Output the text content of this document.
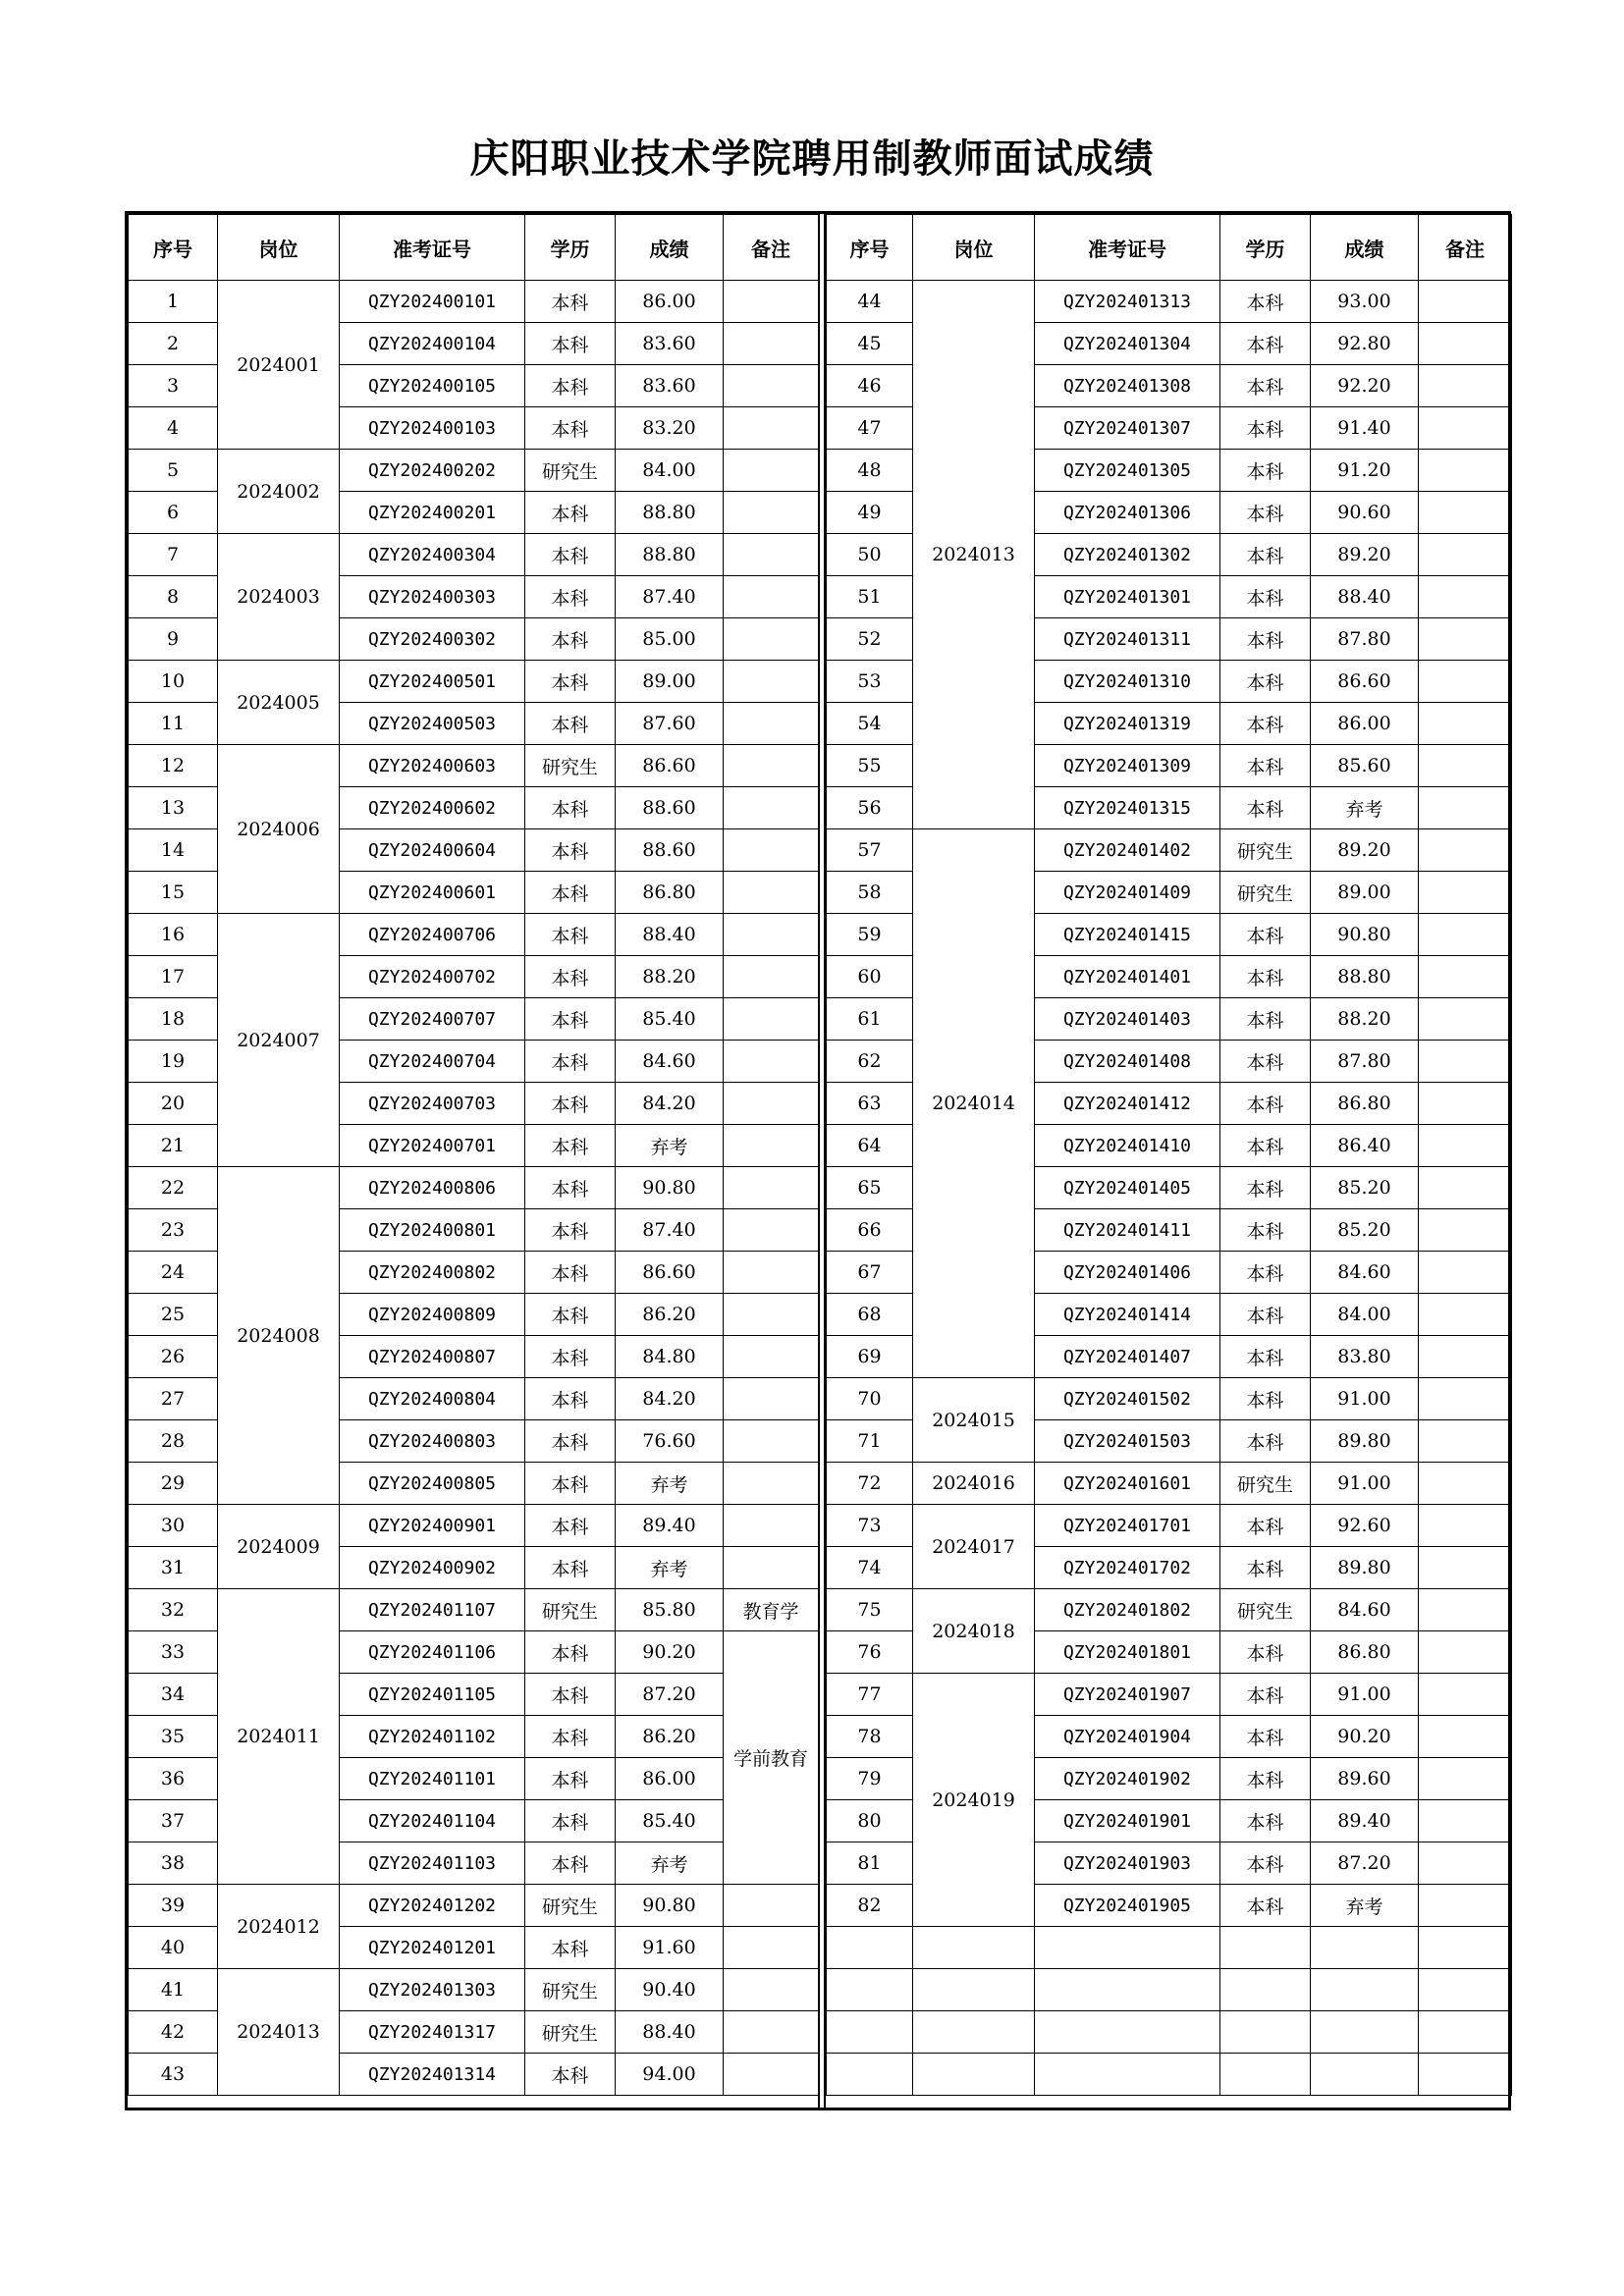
庆阳职业技术学院聘用制教师面试成绩
序号	岗位	准考证号	学历	成绩	备注
1	2024001	QZY202400101	本科	86.00	
2		QZY202400104	本科	83.60	
3		QZY202400105	本科	83.60	
4		QZY202400103	本科	83.20	
5	2024002	QZY202400202	研究生	84.00	
6		QZY202400201	本科	88.80	
7	2024003	QZY202400304	本科	88.80	
8		QZY202400303	本科	87.40	
9		QZY202400302	本科	85.00	
10	2024005	QZY202400501	本科	89.00	
11		QZY202400503	本科	87.60	
12	2024006	QZY202400603	研究生	86.60	
13		QZY202400602	本科	88.60	
14		QZY202400604	本科	88.60	
15		QZY202400601	本科	86.80	
16	2024007	QZY202400706	本科	88.40	
17		QZY202400702	本科	88.20	
18		QZY202400707	本科	85.40	
19		QZY202400704	本科	84.60	
20		QZY202400703	本科	84.20	
21		QZY202400701	本科	弃考	
22	2024008	QZY202400806	本科	90.80	
23		QZY202400801	本科	87.40	
24		QZY202400802	本科	86.60	
25		QZY202400809	本科	86.20	
26		QZY202400807	本科	84.80	
27		QZY202400804	本科	84.20	
28		QZY202400803	本科	76.60	
29		QZY202400805	本科	弃考	
30	2024009	QZY202400901	本科	89.40	
31		QZY202400902	本科	弃考	
32	2024011	QZY202401107	研究生	85.80	教育学
33		QZY202401106	本科	90.20	学前教育
34		QZY202401105	本科	87.20	
35		QZY202401102	本科	86.20	
36		QZY202401101	本科	86.00	
37		QZY202401104	本科	85.40	
38		QZY202401103	本科	弃考	
39	2024012	QZY202401202	研究生	90.80	
40		QZY202401201	本科	91.60	
41	2024013	QZY202401303	研究生	90.40	
42		QZY202401317	研究生	88.40	
43		QZY202401314	本科	94.00	
序号	岗位	准考证号	学历	成绩	备注
44	2024013	QZY202401313	本科	93.00	
45		QZY202401304	本科	92.80	
46		QZY202401308	本科	92.20	
47		QZY202401307	本科	91.40	
48		QZY202401305	本科	91.20	
49		QZY202401306	本科	90.60	
50		QZY202401302	本科	89.20	
51		QZY202401301	本科	88.40	
52		QZY202401311	本科	87.80	
53		QZY202401310	本科	86.60	
54		QZY202401319	本科	86.00	
55		QZY202401309	本科	85.60	
56		QZY202401315	本科	弃考	
57	2024014	QZY202401402	研究生	89.20	
58		QZY202401409	研究生	89.00	
59		QZY202401415	本科	90.80	
60		QZY202401401	本科	88.80	
61		QZY202401403	本科	88.20	
62		QZY202401408	本科	87.80	
63		QZY202401412	本科	86.80	
64		QZY202401410	本科	86.40	
65		QZY202401405	本科	85.20	
66		QZY202401411	本科	85.20	
67		QZY202401406	本科	84.60	
68		QZY202401414	本科	84.00	
69		QZY202401407	本科	83.80	
70	2024015	QZY202401502	本科	91.00	
71		QZY202401503	本科	89.80	
72	2024016	QZY202401601	研究生	91.00	
73	2024017	QZY202401701	本科	92.60	
74		QZY202401702	本科	89.80	
75	2024018	QZY202401802	研究生	84.60	
76		QZY202401801	本科	86.80	
77	2024019	QZY202401907	本科	91.00	
78		QZY202401904	本科	90.20	
79		QZY202401902	本科	89.60	
80		QZY202401901	本科	89.40	
81		QZY202401903	本科	87.20	
82		QZY202401905	本科	弃考	
